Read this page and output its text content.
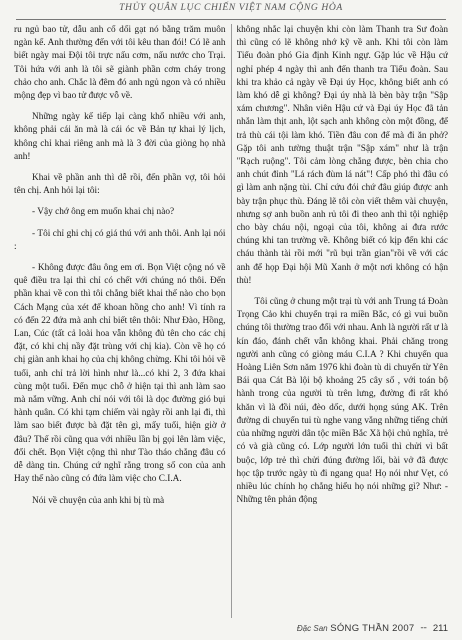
THỦY QUÂN LỤC CHIẾN VIỆT NAM CỘNG HÒA

ru ngủ bao tử, dẫu anh cố dối gạt nó bằng trăm muôn ngàn kế. Anh thường đến với tôi kêu than đói! Có lẽ anh biết ngày mai Đội tôi trực nấu cơm, nấu nước cho Trại. Tôi hứa với anh là tôi sẽ giành phần cơm cháy trong chảo cho anh. Chắc là đêm đó anh ngủ ngon và có nhiều mộng đẹp vì bao tử được vỗ về.

Những ngày kế tiếp lại càng khổ nhiều với anh, không phải cái ăn mà là cái óc về Bản tự khai lý lịch, không chỉ khai riêng anh mà là 3 đời của giòng họ nhà anh!

Khai về phần anh thì dễ rồi, đến phần vợ, tôi hỏi tên chị. Anh hỏi lại tôi:

- Vậy chớ ông em muốn khai chị nào?

- Tôi chỉ ghi chị có giá thú với anh thôi. Anh lại nói :

- Không được đâu ông em ơi. Bọn Việt cộng nó về quê điều tra lại thì chỉ có chết với chúng nó thôi. Đến phần khai về con thì tôi chẳng biết khai thế nào cho bọn Cách Mạng của xét để khoan hồng cho anh! Vì tính ra có đến 22 đứa mà anh chỉ biết tên thôi: Như Đào, Hồng, Lan, Cúc (tất cả loài hoa vẫn không đủ tên cho các chị đặt, có khi chị nầy đặt trùng với chị kia). Còn về họ có chị giàn anh khai họ của chị không chừng. Khi tôi hỏi về tuổi, anh chỉ trả lời hình như là...có khi 2, 3 đứa khai cùng một tuổi. Đến mục chỗ ở hiện tại thì anh làm sao mà nắm vững. Anh chỉ nói với tôi là dọc đường gió bụi hành quân. Có khi tạm chiếm vài ngày rồi anh lại đi, thì làm sao biết được bà đặt tên gì, mấy tuổi, hiện giờ ở đâu? Thế rồi cũng qua với nhiều lần bị gọi lên làm việc, đổi chết. Bọn Việt cộng thì như Tào tháo chẳng đâu có dễ dàng tin. Chúng cứ nghĩ rằng trong số con của anh Hay thế nào cũng có đứa làm việc cho C.I.A.

Nói về chuyện của anh khi bị tù mà

không nhắc lại chuyện khi còn làm Thanh tra Sư đoàn thì cũng có lẽ không nhớ kỹ về anh. Khi tôi còn làm Tiểu đoàn phó Gia định Kinh ngự. Gặp lúc về Hậu cứ nghỉ phép 4 ngày thì anh đến thanh tra Tiểu đoàn. Sau khi tra khảo cả ngày về Đại úy Học, không biết anh có làm khó dễ gì không? Đại úy nhà là bèn bày trận "Sập xám chương". Nhân viên Hậu cứ và Đại úy Học đã tản nhắn làm thịt anh, lột sạch anh không còn một đồng, để trả thù cái tội làm khó. Tiền đâu con để mà đi ăn phở? Gặp tôi anh tường thuật trận "Sập xám" như là trận "Rạch ruộng". Tôi cảm lòng chẳng được, bèn chia cho anh chút đỉnh "Lá rách đùm lá nát"! Cấp phó thì đâu có gì làm anh nặng tùi. Chỉ cứu đói chứ đâu giúp được anh bày trận phục thù. Đáng lẽ tôi còn viết thêm vài chuyện, nhưng sợ anh buồn anh rủ tôi đi theo anh thì tội nghiệp cho bày cháu nội, ngoại của tôi, không ai đưa rước chúng khi tan trường về. Không biết có kịp đến khi các cháu thành tài rồi mới "rũ bụi trần gian"rồi về với các anh để họp Đại hội Mũ Xanh ở một nơi không có hận thù!

Tôi cũng ở chung một trại tù với anh Trung tá Đoàn Trọng Cảo khi chuyển trại ra miền Bắc, có gì vui buồn chúng tôi thường trao đổi với nhau. Anh là người rất ư là kín đáo, đánh chết vẫn không khai. Phải chăng trong người anh cũng có giòng máu C.I.A ? Khi chuyến qua Hoàng Liên Sơn năm 1976 khi đoàn tù di chuyển từ Yên Bái qua Cát Bà lội bộ khoảng 25 cây số , với toán bộ hành trong của người tù trên lưng, đường đi rất khó khăn vì là đồi núi, đèo dốc, dưới họng súng AK. Trên đường di chuyển tui tù nghe vang vẳng những tiếng chửi của những người dân tộc miền Bắc Xã hội chủ nghĩa, trẻ có và già cũng có. Lớp người lớn tuổi thì chửi vì bất buộc, lớp trẻ thì chửi đúng đường lối, bài vở đã được học tập trước ngày tù đi ngang qua! Họ nói như Vẹt, có nhiều lúc chính họ chẳng hiểu họ nói những gì? Như: - Những tên phản động

Đặc San SÓNG THẦN 2007 -- 211
